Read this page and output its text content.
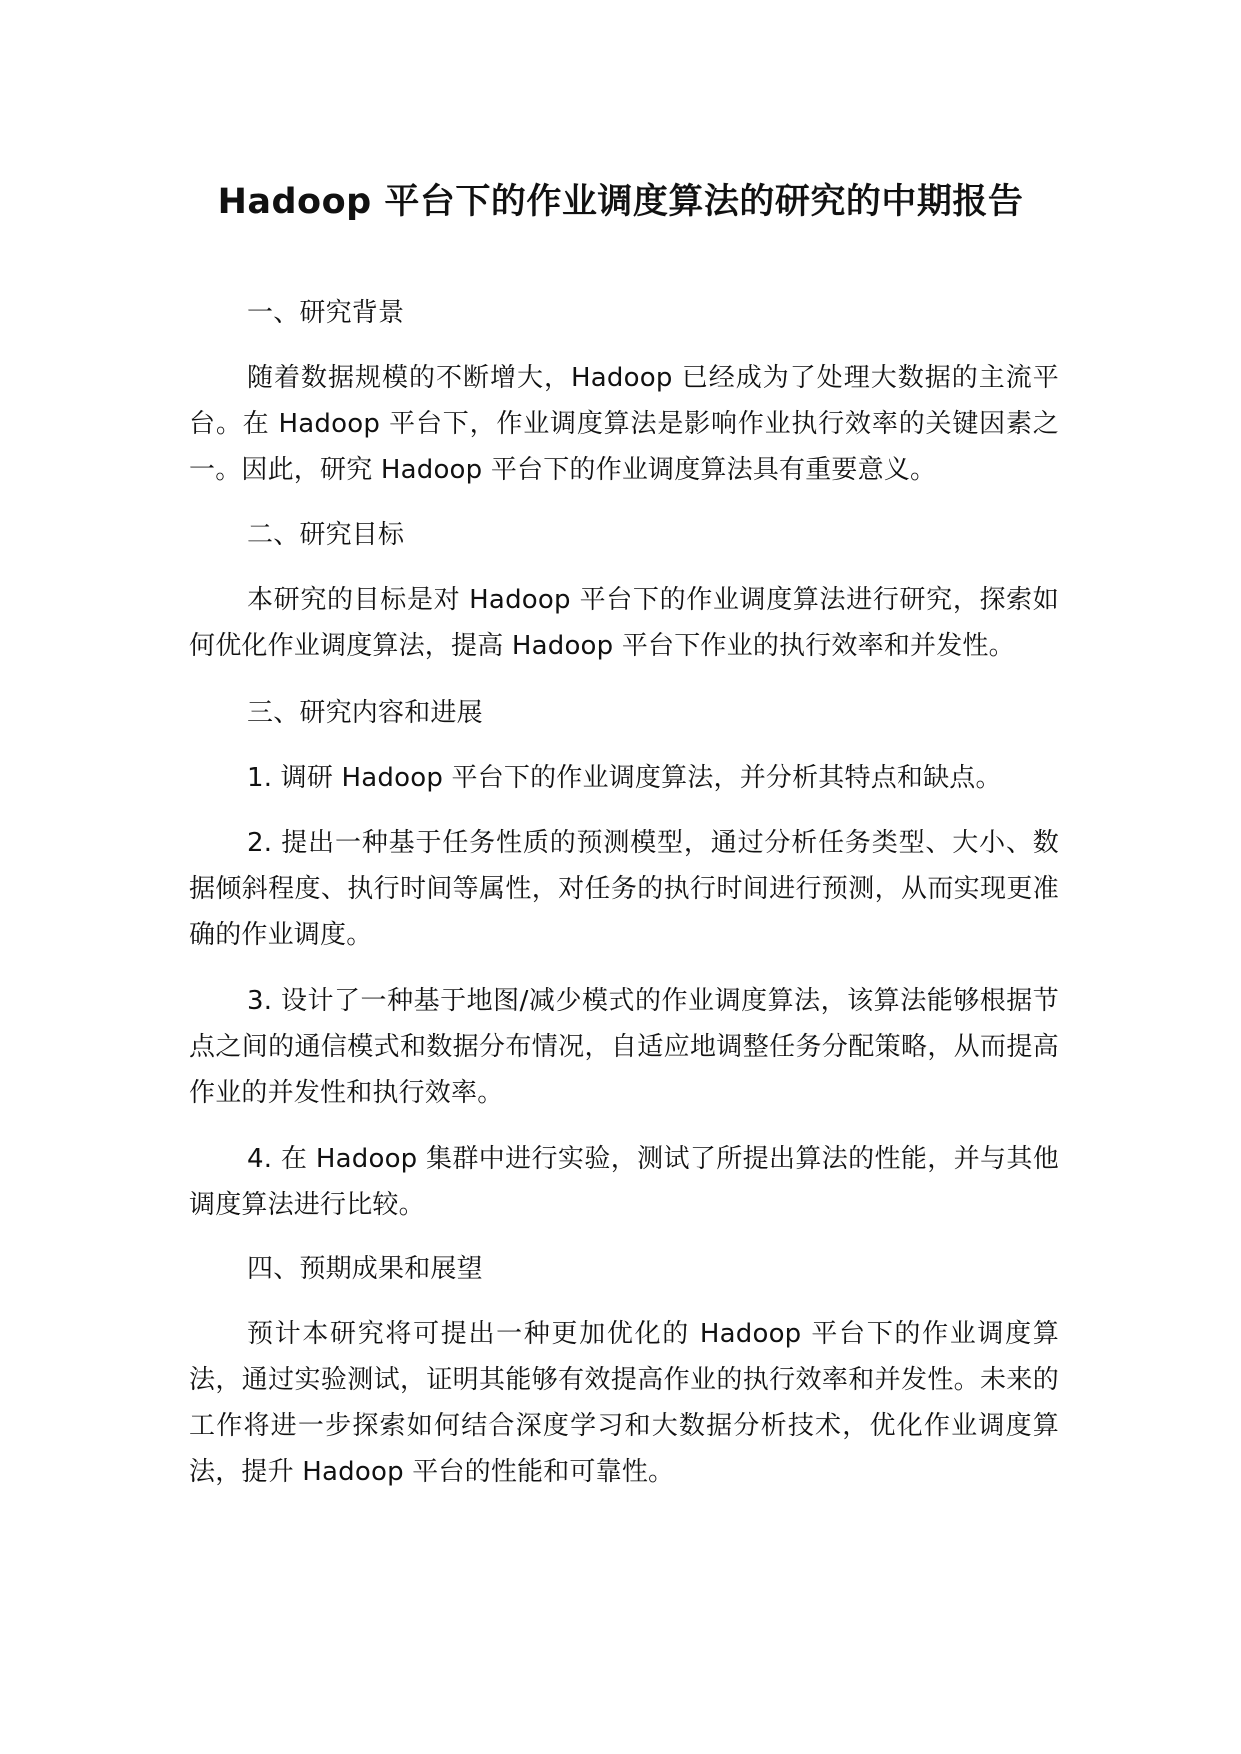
Hadoop 平台下的作业调度算法的研究的中期报告

一、研究背景

随着数据规模的不断增大，Hadoop 已经成为了处理大数据的主流平台。在 Hadoop 平台下，作业调度算法是影响作业执行效率的关键因素之一。因此，研究 Hadoop 平台下的作业调度算法具有重要意义。

二、研究目标

本研究的目标是对 Hadoop 平台下的作业调度算法进行研究，探索如何优化作业调度算法，提高 Hadoop 平台下作业的执行效率和并发性。

三、研究内容和进展

1. 调研 Hadoop 平台下的作业调度算法，并分析其特点和缺点。

2. 提出一种基于任务性质的预测模型，通过分析任务类型、大小、数据倾斜程度、执行时间等属性，对任务的执行时间进行预测，从而实现更准确的作业调度。

3. 设计了一种基于地图/减少模式的作业调度算法，该算法能够根据节点之间的通信模式和数据分布情况，自适应地调整任务分配策略，从而提高作业的并发性和执行效率。

4. 在 Hadoop 集群中进行实验，测试了所提出算法的性能，并与其他调度算法进行比较。

四、预期成果和展望

预计本研究将可提出一种更加优化的 Hadoop 平台下的作业调度算法，通过实验测试，证明其能够有效提高作业的执行效率和并发性。未来的工作将进一步探索如何结合深度学习和大数据分析技术，优化作业调度算法，提升 Hadoop 平台的性能和可靠性。
